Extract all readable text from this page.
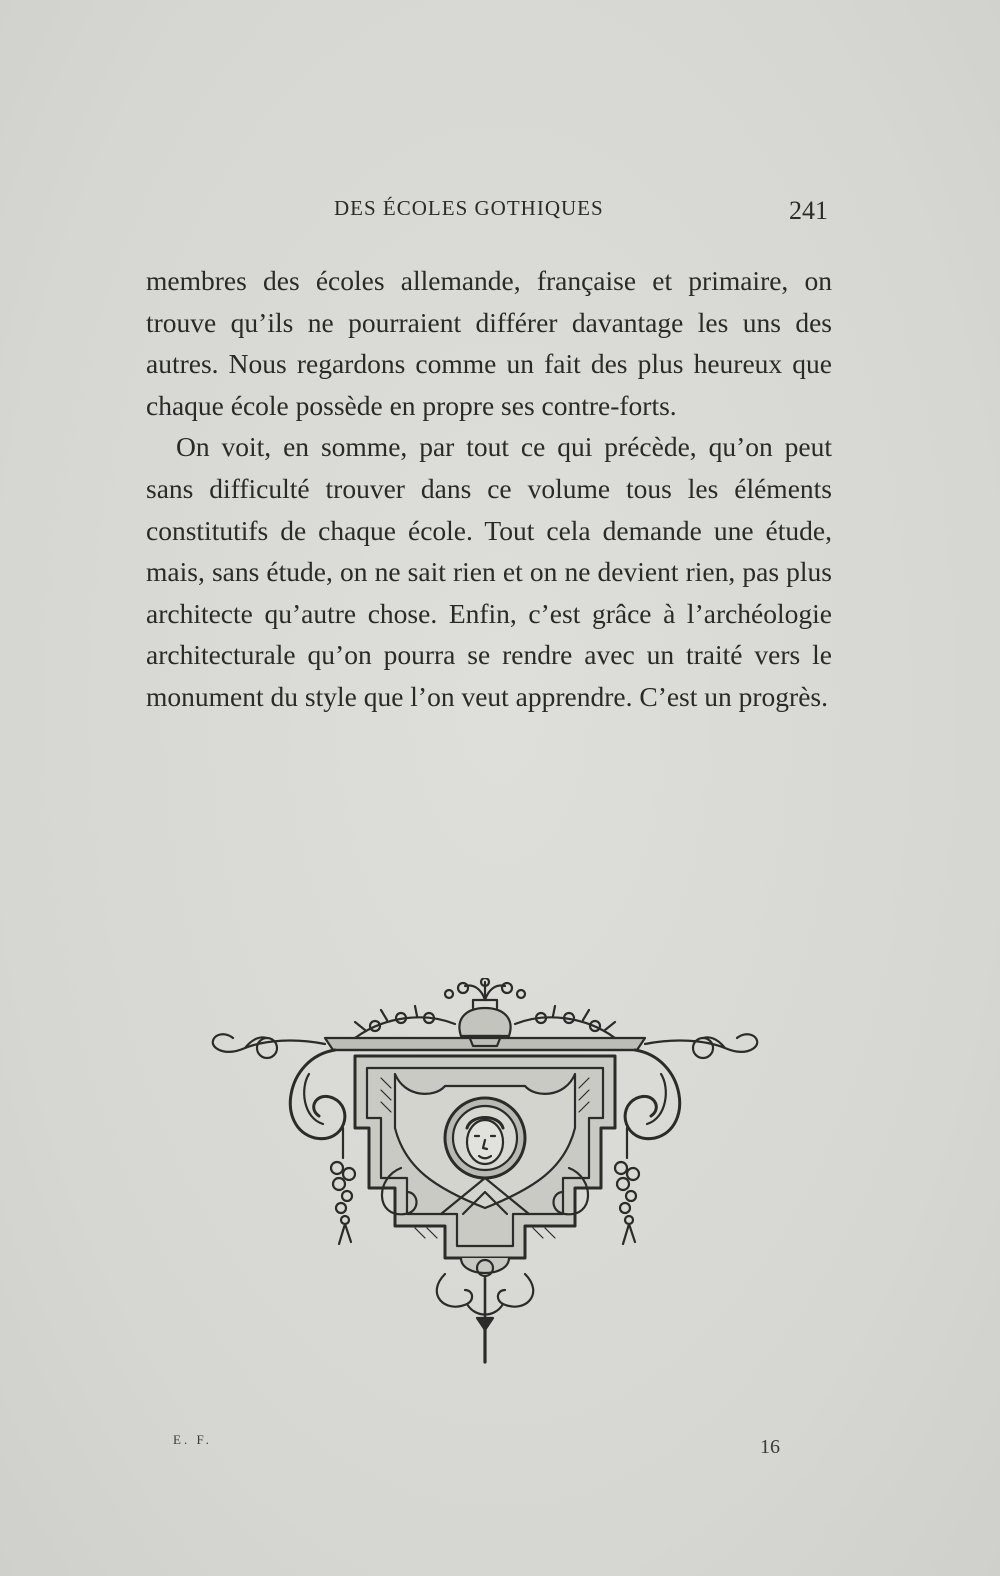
DES ÉCOLES GOTHIQUES	241

membres des écoles allemande, française et primaire, on trouve qu’ils ne pourraient différer davantage les uns des autres. Nous regardons comme un fait des plus heureux que chaque école possède en propre ses contre-forts.

On voit, en somme, par tout ce qui précède, qu’on peut sans difficulté trouver dans ce volume tous les éléments constitutifs de chaque école. Tout cela demande une étude, mais, sans étude, on ne sait rien et on ne devient rien, pas plus architecte qu’autre chose. Enfin, c’est grâce à l’archéologie architecturale qu’on pourra se rendre avec un traité vers le monument du style que l’on veut apprendre. C’est un progrès.

E. F.	16
